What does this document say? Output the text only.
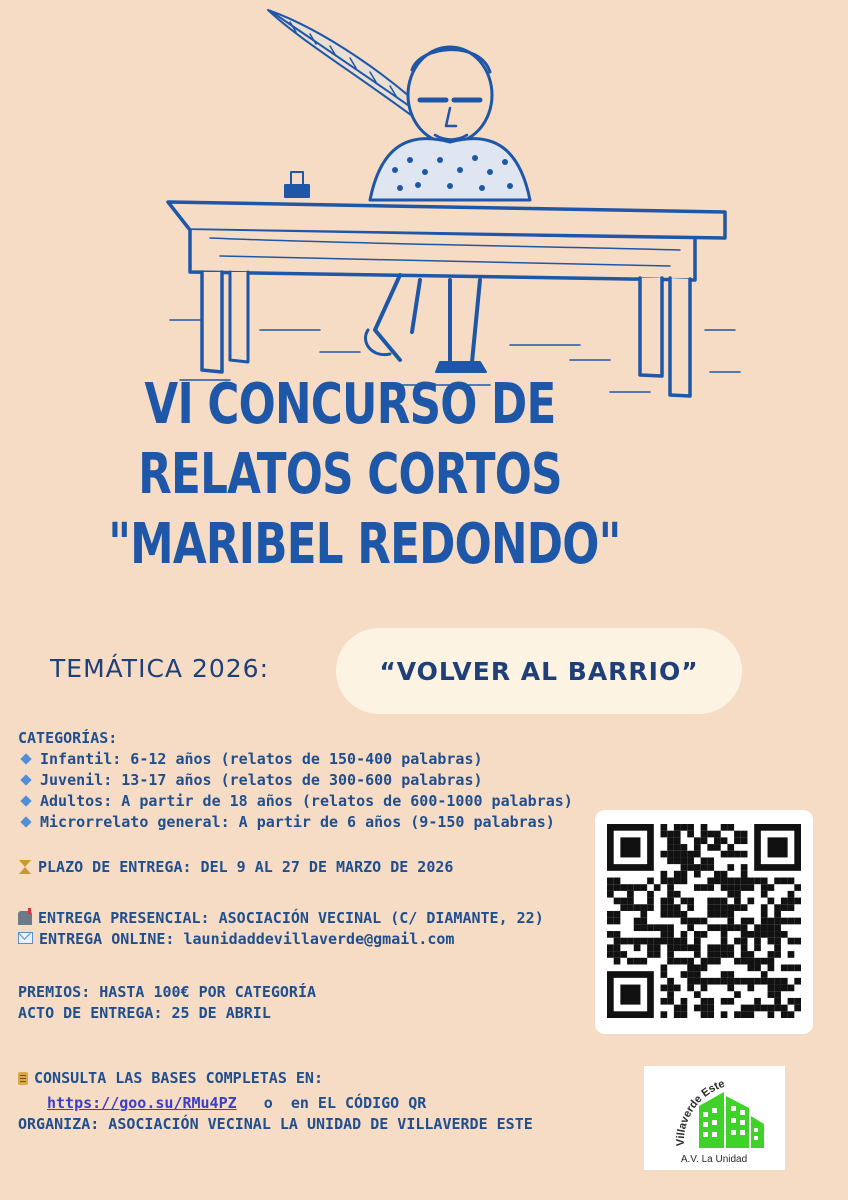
VI CONCURSO DE
RELATOS CORTOS
"MARIBEL REDONDO"
TEMÁTICA 2026:	“VOLVER AL BARRIO”
CATEGORÍAS:
Infantil: 6-12 años (relatos de 150-400 palabras)
Juvenil: 13-17 años (relatos de 300-600 palabras)
Adultos: A partir de 18 años (relatos de 600-1000 palabras)
Microrrelato general: A partir de 6 años (9-150 palabras)
PLAZO DE ENTREGA: DEL 9 AL 27 DE MARZO DE 2026
ENTREGA PRESENCIAL: ASOCIACIÓN VECINAL (C/ DIAMANTE, 22)
ENTREGA ONLINE: launidaddevillaverde@gmail.com
PREMIOS: HASTA 100€ POR CATEGORÍA
ACTO DE ENTREGA: 25 DE ABRIL
CONSULTA LAS BASES COMPLETAS EN:
https://goo.su/RMu4PZ o en EL CÓDIGO QR
ORGANIZA: ASOCIACIÓN VECINAL LA UNIDAD DE VILLAVERDE ESTE
Villaverde Este
A.V. La Unidad
